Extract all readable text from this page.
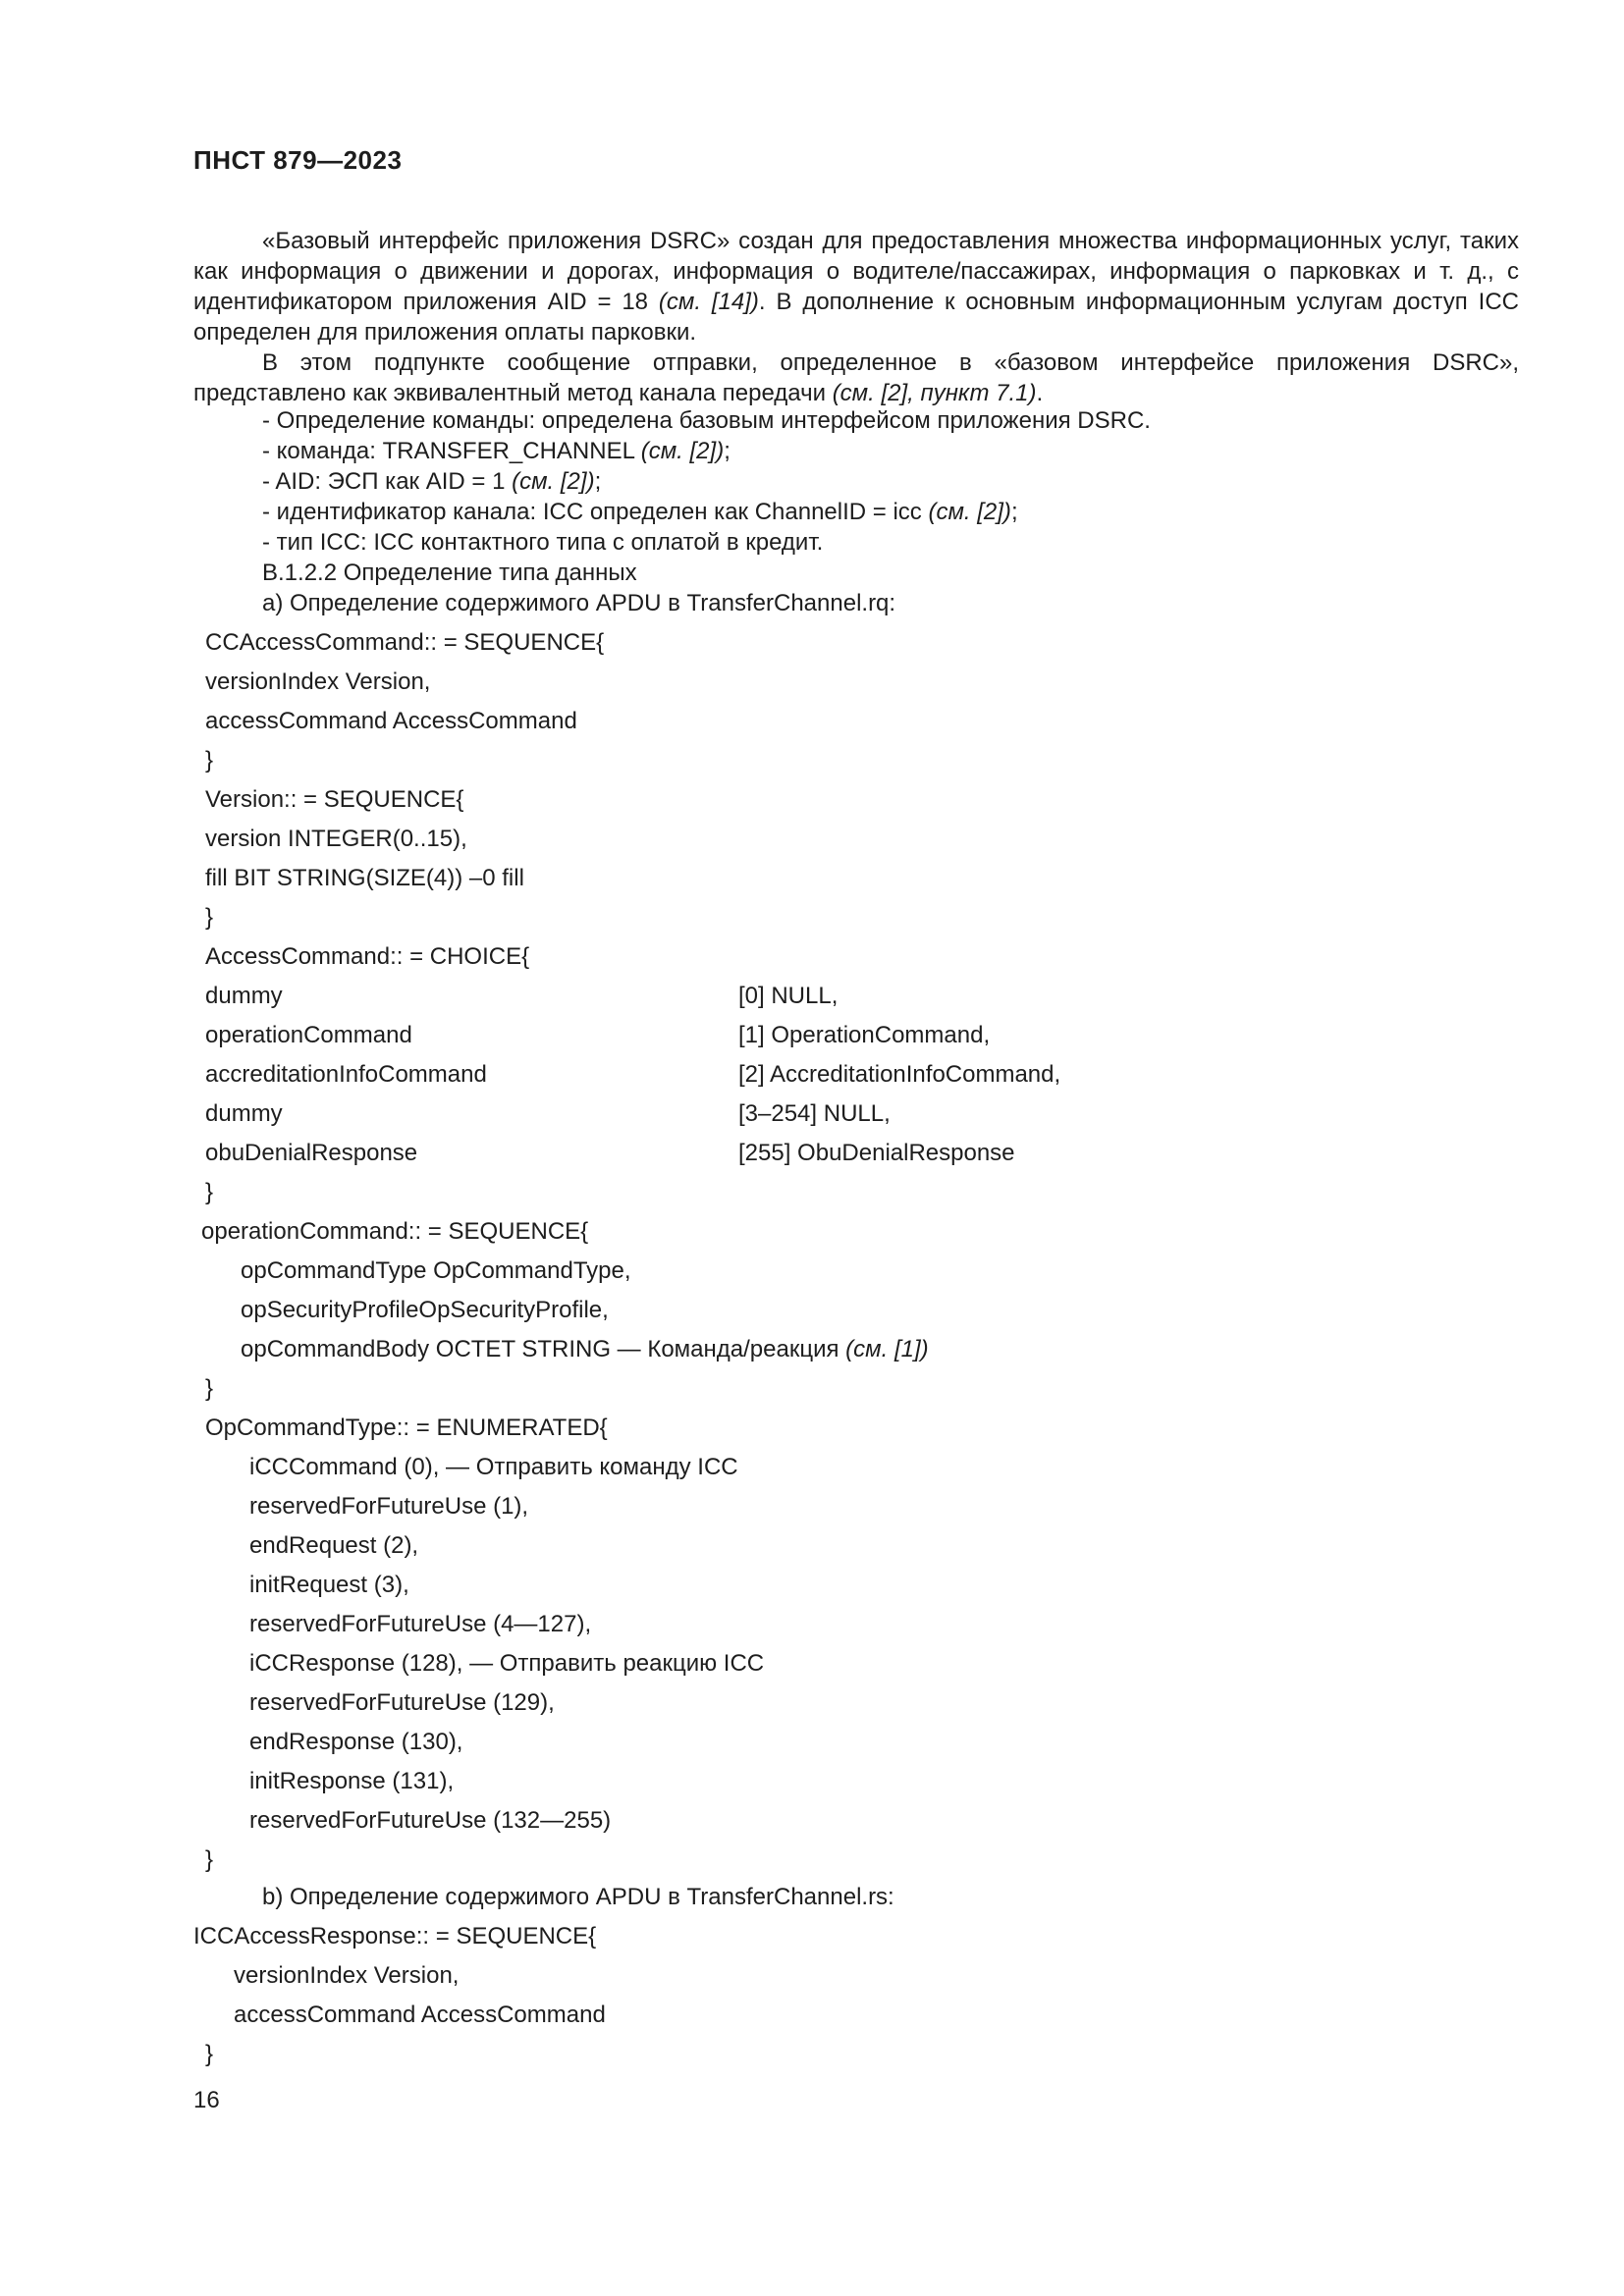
ПНСТ 879—2023

«Базовый интерфейс приложения DSRC» создан для предоставления множества информационных услуг, таких как информация о движении и дорогах, информация о водителе/пассажирах, информация о парковках и т. д., с идентификатором приложения AID = 18 (см. [14]). В дополнение к основным информационным услугам доступ ICC определен для приложения оплаты парковки.

В этом подпункте сообщение отправки, определенное в «базовом интерфейсе приложения DSRC», представлено как эквивалентный метод канала передачи (см. [2], пункт 7.1).

- Определение команды: определена базовым интерфейсом приложения DSRC.
- команда: TRANSFER_CHANNEL (см. [2]);
- AID: ЭСП как AID = 1 (см. [2]);
- идентификатор канала: ICC определен как ChannelID = icc (см. [2]);
- тип ICC: ICC контактного типа с оплатой в кредит.
В.1.2.2 Определение типа данных
а) Определение содержимого APDU в TransferChannel.rq:
CCAccessCommand:: = SEQUENCE{
versionIndex Version,
accessCommand AccessCommand
}
Version:: = SEQUENCE{
version INTEGER(0..15),
fill BIT STRING(SIZE(4)) –0 fill
}
AccessCommand:: = CHOICE{
dummy	[0] NULL,
operationCommand	[1] OperationCommand,
accreditationInfoCommand	[2] AccreditationInfoCommand,
dummy	[3–254] NULL,
obuDenialResponse	[255] ObuDenialResponse
}
operationCommand:: = SEQUENCE{
opCommandType OpCommandType,
opSecurityProfileOpSecurityProfile,
opCommandBody OCTET STRING — Команда/реакция (см. [1])
}
OpCommandType:: = ENUMERATED{
iCCCommand (0), — Отправить команду ICC
reservedForFutureUse (1),
endRequest (2),
initRequest (3),
reservedForFutureUse (4—127),
iCCResponse (128), — Отправить реакцию ICC
reservedForFutureUse (129),
endResponse (130),
initResponse (131),
reservedForFutureUse (132—255)
}
b) Определение содержимого APDU в TransferChannel.rs:
ICCAccessResponse:: = SEQUENCE{
versionIndex Version,
accessCommand AccessCommand
}
16
